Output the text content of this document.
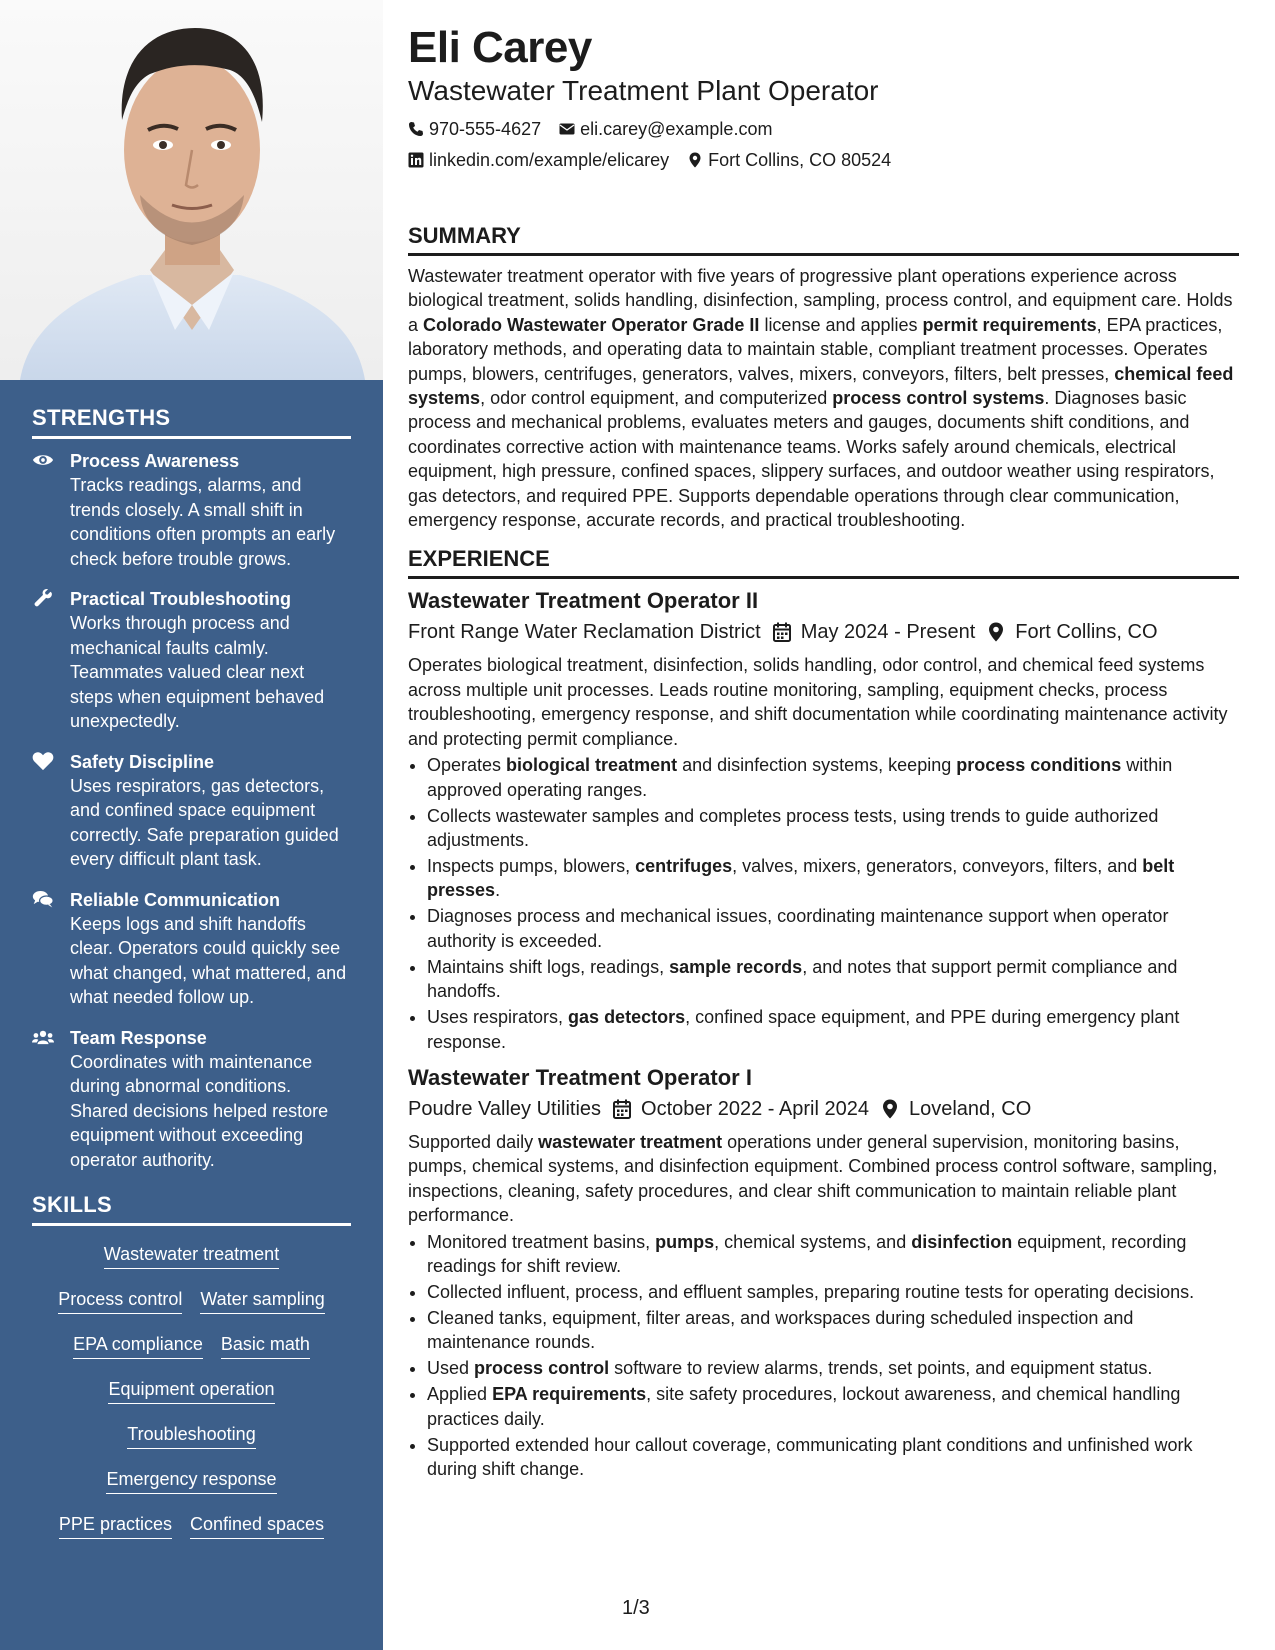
STRENGTHS
Process Awareness
Tracks readings, alarms, and trends closely. A small shift in conditions often prompts an early check before trouble grows.
Practical Troubleshooting
Works through process and mechanical faults calmly. Teammates valued clear next steps when equipment behaved unexpectedly.
Safety Discipline
Uses respirators, gas detectors, and confined space equipment correctly. Safe preparation guided every difficult plant task.
Reliable Communication
Keeps logs and shift handoffs clear. Operators could quickly see what changed, what mattered, and what needed follow up.
Team Response
Coordinates with maintenance during abnormal conditions. Shared decisions helped restore equipment without exceeding operator authority.
SKILLS
Wastewater treatment
Process control Water sampling
EPA compliance Basic math
Equipment operation
Troubleshooting
Emergency response
PPE practices Confined spaces
Eli Carey
Wastewater Treatment Plant Operator
970-555-4627 eli.carey@example.com
linkedin.com/example/elicarey Fort Collins, CO 80524
SUMMARY
Wastewater treatment operator with five years of progressive plant operations experience across biological treatment, solids handling, disinfection, sampling, process control, and equipment care. Holds a Colorado Wastewater Operator Grade II license and applies permit requirements, EPA practices, laboratory methods, and operating data to maintain stable, compliant treatment processes. Operates pumps, blowers, centrifuges, generators, valves, mixers, conveyors, filters, belt presses, chemical feed systems, odor control equipment, and computerized process control systems. Diagnoses basic process and mechanical problems, evaluates meters and gauges, documents shift conditions, and coordinates corrective action with maintenance teams. Works safely around chemicals, electrical equipment, high pressure, confined spaces, slippery surfaces, and outdoor weather using respirators, gas detectors, and required PPE. Supports dependable operations through clear communication, emergency response, accurate records, and practical troubleshooting.
EXPERIENCE
Wastewater Treatment Operator II
Front Range Water Reclamation District May 2024 - Present Fort Collins, CO
Operates biological treatment, disinfection, solids handling, odor control, and chemical feed systems across multiple unit processes. Leads routine monitoring, sampling, equipment checks, process troubleshooting, emergency response, and shift documentation while coordinating maintenance activity and protecting permit compliance.
• Operates biological treatment and disinfection systems, keeping process conditions within approved operating ranges.
• Collects wastewater samples and completes process tests, using trends to guide authorized adjustments.
• Inspects pumps, blowers, centrifuges, valves, mixers, generators, conveyors, filters, and belt presses.
• Diagnoses process and mechanical issues, coordinating maintenance support when operator authority is exceeded.
• Maintains shift logs, readings, sample records, and notes that support permit compliance and handoffs.
• Uses respirators, gas detectors, confined space equipment, and PPE during emergency plant response.
Wastewater Treatment Operator I
Poudre Valley Utilities October 2022 - April 2024 Loveland, CO
Supported daily wastewater treatment operations under general supervision, monitoring basins, pumps, chemical systems, and disinfection equipment. Combined process control software, sampling, inspections, cleaning, safety procedures, and clear shift communication to maintain reliable plant performance.
• Monitored treatment basins, pumps, chemical systems, and disinfection equipment, recording readings for shift review.
• Collected influent, process, and effluent samples, preparing routine tests for operating decisions.
• Cleaned tanks, equipment, filter areas, and workspaces during scheduled inspection and maintenance rounds.
• Used process control software to review alarms, trends, set points, and equipment status.
• Applied EPA requirements, site safety procedures, lockout awareness, and chemical handling practices daily.
• Supported extended hour callout coverage, communicating plant conditions and unfinished work during shift change.
1/3
